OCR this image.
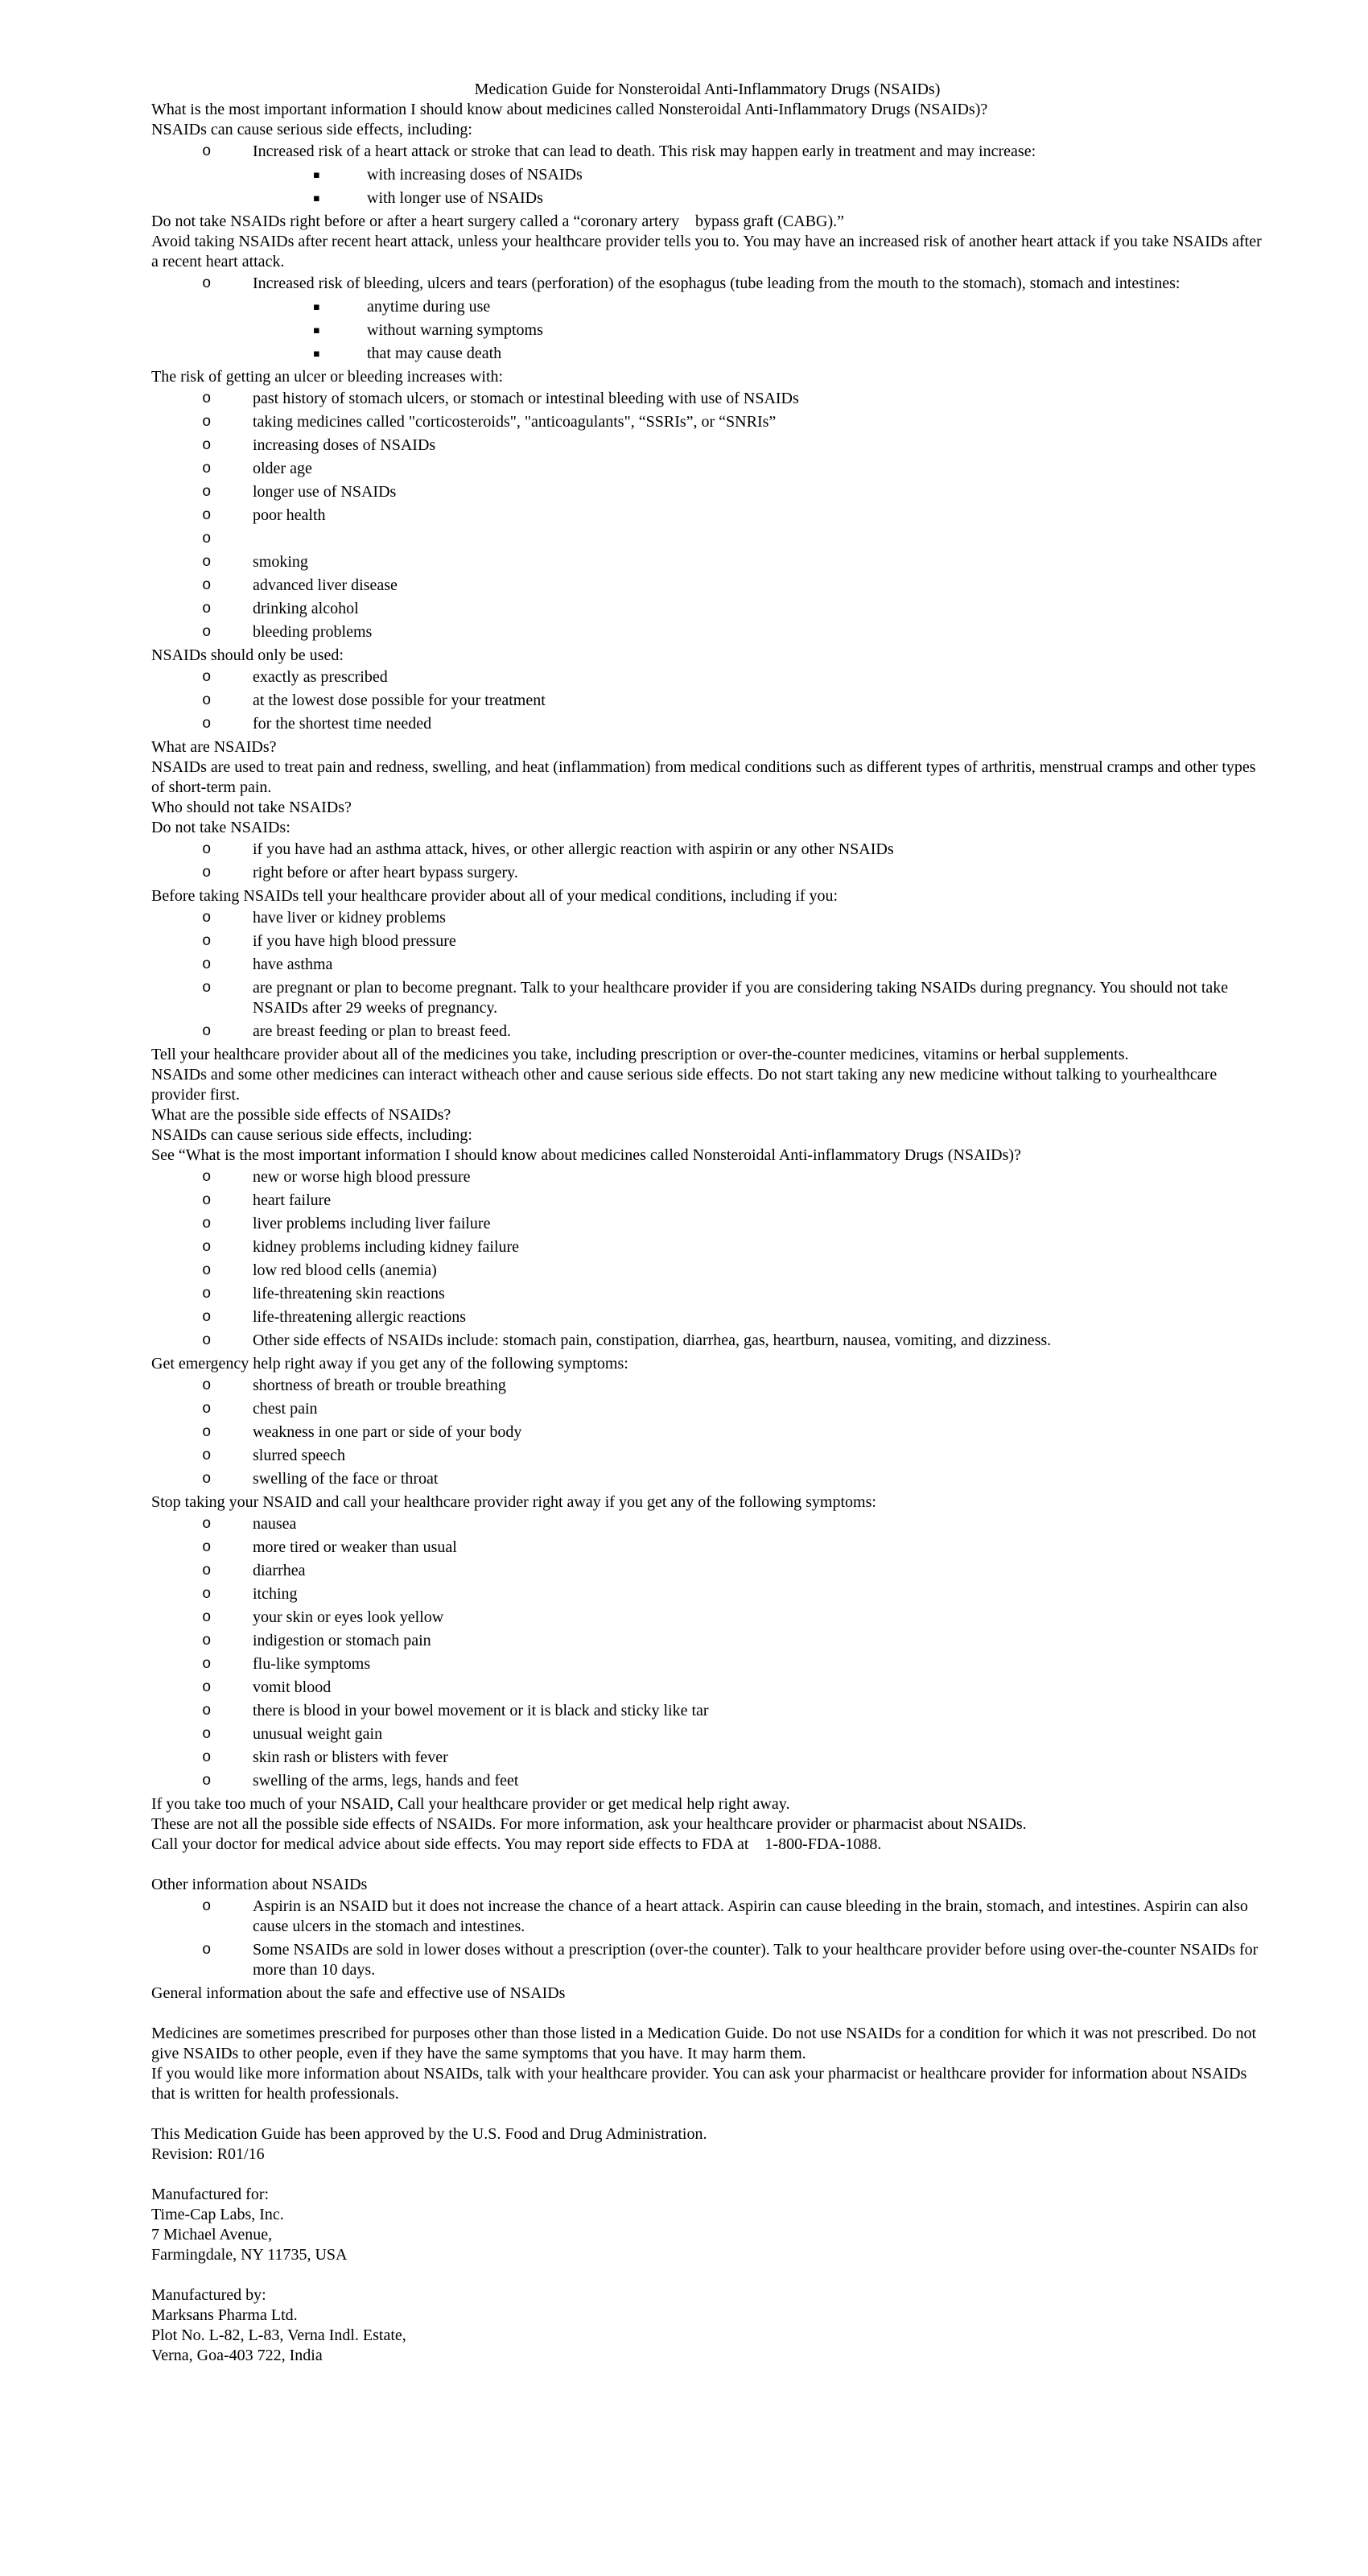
Medication Guide for Nonsteroidal Anti-Inflammatory Drugs (NSAIDs)
What is the most important information I should know about medicines called Nonsteroidal Anti-Inflammatory Drugs (NSAIDs)?
NSAIDs can cause serious side effects, including:
o	Increased risk of a heart attack or stroke that can lead to death. This risk may happen early in treatment and may increase:
▪	with increasing doses of NSAIDs
▪	with longer use of NSAIDs
Do not take NSAIDs right before or after a heart surgery called a “coronary artery    bypass graft (CABG).”
Avoid taking NSAIDs after recent heart attack, unless your healthcare provider tells you to. You may have an increased risk of another heart attack if you take NSAIDs after a recent heart attack.
o	Increased risk of bleeding, ulcers and tears (perforation) of the esophagus (tube leading from the mouth to the stomach), stomach and intestines:
▪	anytime during use
▪	without warning symptoms
▪	that may cause death
The risk of getting an ulcer or bleeding increases with:
o	past history of stomach ulcers, or stomach or intestinal bleeding with use of NSAIDs
o	taking medicines called "corticosteroids", "anticoagulants", “SSRIs”, or “SNRIs”
o	increasing doses of NSAIDs
o	older age
o	longer use of NSAIDs
o	poor health
o
o	smoking
o	advanced liver disease
o	drinking alcohol
o	bleeding problems
NSAIDs should only be used:
o	exactly as prescribed
o	at the lowest dose possible for your treatment
o	for the shortest time needed
What are NSAIDs?
NSAIDs are used to treat pain and redness, swelling, and heat (inflammation) from medical conditions such as different types of arthritis, menstrual cramps and other types of short-term pain.
Who should not take NSAIDs?
Do not take NSAIDs:
o	if you have had an asthma attack, hives, or other allergic reaction with aspirin or any other NSAIDs
o	right before or after heart bypass surgery.
Before taking NSAIDs tell your healthcare provider about all of your medical conditions, including if you:
o	have liver or kidney problems
o	if you have high blood pressure
o	have asthma
o	are pregnant or plan to become pregnant. Talk to your healthcare provider if you are considering taking NSAIDs during pregnancy. You should not take NSAIDs after 29 weeks of pregnancy.
o	are breast feeding or plan to breast feed.
Tell your healthcare provider about all of the medicines you take, including prescription or over-the-counter medicines, vitamins or herbal supplements.
NSAIDs and some other medicines can interact witheach other and cause serious side effects. Do not start taking any new medicine without talking to yourhealthcare provider first.
What are the possible side effects of NSAIDs?
NSAIDs can cause serious side effects, including:
See “What is the most important information I should know about medicines called Nonsteroidal Anti-inflammatory Drugs (NSAIDs)?
o	new or worse high blood pressure
o	heart failure
o	liver problems including liver failure
o	kidney problems including kidney failure
o	low red blood cells (anemia)
o	life-threatening skin reactions
o	life-threatening allergic reactions
o	Other side effects of NSAIDs include: stomach pain, constipation, diarrhea, gas, heartburn, nausea, vomiting, and dizziness.
Get emergency help right away if you get any of the following symptoms:
o	shortness of breath or trouble breathing
o	chest pain
o	weakness in one part or side of your body
o	slurred speech
o	swelling of the face or throat
Stop taking your NSAID and call your healthcare provider right away if you get any of the following symptoms:
o	nausea
o	more tired or weaker than usual
o	diarrhea
o	itching
o	your skin or eyes look yellow
o	indigestion or stomach pain
o	flu-like symptoms
o	vomit blood
o	there is blood in your bowel movement or it is black and sticky like tar
o	unusual weight gain
o	skin rash or blisters with fever
o	swelling of the arms, legs, hands and feet
If you take too much of your NSAID, Call your healthcare provider or get medical help right away.
These are not all the possible side effects of NSAIDs. For more information, ask your healthcare provider or pharmacist about NSAIDs.
Call your doctor for medical advice about side effects. You may report side effects to FDA at    1-800-FDA-1088.
Other information about NSAIDs
o	Aspirin is an NSAID but it does not increase the chance of a heart attack. Aspirin can cause bleeding in the brain, stomach, and intestines. Aspirin can also cause ulcers in the stomach and intestines.
o	Some NSAIDs are sold in lower doses without a prescription (over-the counter). Talk to your healthcare provider before using over-the-counter NSAIDs for more than 10 days.
General information about the safe and effective use of NSAIDs
Medicines are sometimes prescribed for purposes other than those listed in a Medication Guide. Do not use NSAIDs for a condition for which it was not prescribed. Do not give NSAIDs to other people, even if they have the same symptoms that you have. It may harm them.
If you would like more information about NSAIDs, talk with your healthcare provider. You can ask your pharmacist or healthcare provider for information about NSAIDs that is written for health professionals.
This Medication Guide has been approved by the U.S. Food and Drug Administration.
Revision: R01/16
Manufactured for:
Time-Cap Labs, Inc.
7 Michael Avenue,
Farmingdale, NY 11735, USA
Manufactured by:
Marksans Pharma Ltd.
Plot No. L-82, L-83, Verna Indl. Estate,
Verna, Goa-403 722, India
